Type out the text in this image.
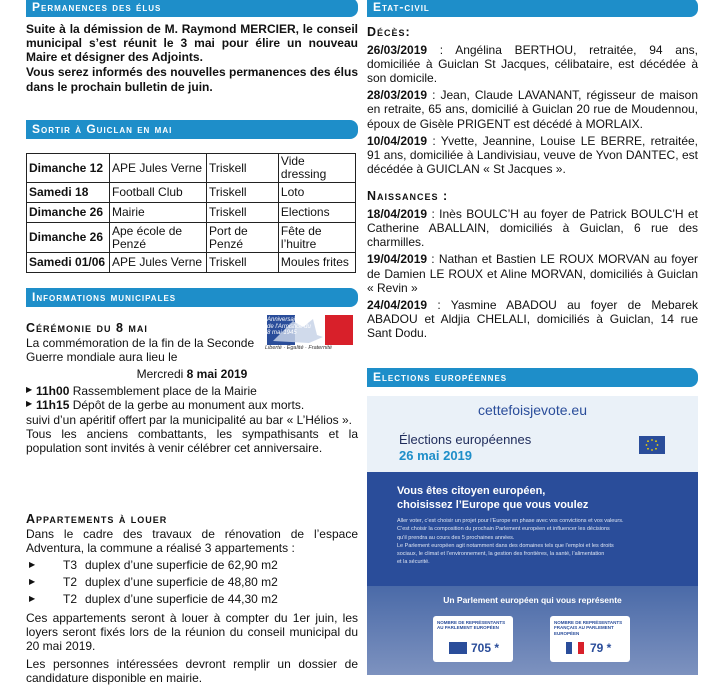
Permanences des élus

Suite à la démission de M. Raymond MERCIER, le conseil municipal s’est réunit le 3 mai pour élire un nouveau Maire et désigner des Adjoints.

Vous serez informés des nouvelles permanences des élus dans le prochain bulletin de juin.

Sortir à Guiclan en mai
Dimanche 12	APE Jules Verne	Triskell	Vide dressing
Samedi 18	Football Club	Triskell	Loto
Dimanche 26	Mairie	Triskell	Elections
Dimanche 26	Ape école de Penzé	Port de Penzé	Fête de l’huitre
Samedi 01/06	APE Jules Verne	Triskell	Moules frites
Informations municipales
Cérémonie du 8 mai

La commémoration de la fin de la Seconde Guerre mondiale aura lieu le

Mercredi 8 mai 2019
▶ 11h00 Rassemblement place de la Mairie
▶ 11h15 Dépôt de la gerbe au monument aux morts.

suivi d’un apéritif offert par la municipalité au bar « L’Hélios ».

Tous les anciens combattants, les sympathisants et la population sont invités à venir célébrer cet anniversaire.

Anniversaire
de l'Armistice du
8 mai 1945
Liberté · Égalité · Fraternité
Appartements à louer

Dans le cadre des travaux de rénovation de l’espace Adventura, la commune a réalisé 3 appartements :

▶ T3 duplex d’une superficie de 62,90 m2
▶ T2 duplex d’une superficie de 48,80 m2
▶ T2 duplex d’une superficie de 44,30 m2

Ces appartements seront à louer à compter du 1er juin, les loyers seront fixés lors de la réunion du conseil municipal du 20 mai 2019.

Les personnes intéressées devront remplir un dossier de candidature disponible en mairie.

Etat-civil
Décès:

26/03/2019 : Angélina BERTHOU, retraitée, 94 ans, domiciliée à Guiclan St Jacques, célibataire, est décédée à son domicile.

28/03/2019 : Jean, Claude LAVANANT, régisseur de maison en retraite, 65 ans, domicilié à Guiclan 20 rue de Moudennou, époux de Gisèle PRIGENT est décédé à MORLAIX.

10/04/2019 : Yvette, Jeannine, Louise LE BERRE, retraitée, 91 ans, domiciliée à Landivisiau, veuve de Yvon DANTEC, est décédée à GUICLAN « St Jacques ».

Naissances :

18/04/2019 : Inès BOULC’H au foyer de Patrick BOULC’H et Catherine ABALLAIN, domiciliés à Guiclan, 6 rue des charmilles.

19/04/2019 : Nathan et Bastien LE ROUX MORVAN au foyer de Damien LE ROUX et Aline MORVAN, domiciliés à Guiclan « Revin »

24/04/2019 : Yasmine ABADOU au foyer de Mebarek ABADOU et Aldjia CHELALI, domiciliés à Guiclan, 14 rue Sant Dodu.

Elections européennes
cettefoisjevote.eu
Élections européennes
26 mai 2019
Vous êtes citoyen européen,
choisissez l’Europe que vous voulez
Aller voter, c’est choisir un projet pour l’Europe en phase avec vos convictions et vos valeurs.
C’est choisir la composition du prochain Parlement européen et influencer les décisions
qu’il prendra au cours des 5 prochaines années.
Le Parlement européen agit notamment dans des domaines tels que l’emploi et les droits
sociaux, le climat et l’environnement, la gestion des frontières, la santé, l’alimentation
et la sécurité.
Un Parlement européen qui vous représente
NOMBRE DE REPRÉSENTANTS AU PARLEMENT EUROPÉEN
705 *
NOMBRE DE REPRÉSENTANTS FRANÇAIS AU PARLEMENT EUROPÉEN
79 *
